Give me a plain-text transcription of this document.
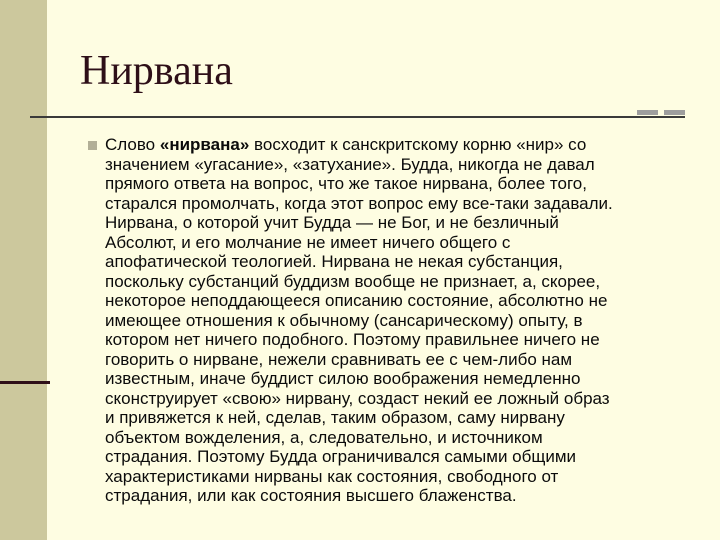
Нирвана
Слово «нирвана» восходит к санскритскому корню «нир» со
значением «угасание», «затухание». Будда, никогда не давал
прямого ответа на вопрос, что же такое нирвана, более того,
старался промолчать, когда этот вопрос ему все-таки задавали.
Нирвана, о которой учит Будда — не Бог, и не безличный
Абсолют, и его молчание не имеет ничего общего с
апофатической теологией. Нирвана не некая субстанция,
поскольку субстанций буддизм вообще не признает, а, скорее,
некоторое неподдающееся описанию состояние, абсолютно не
имеющее отношения к обычному (сансарическому) опыту, в
котором нет ничего подобного. Поэтому правильнее ничего не
говорить о нирване, нежели сравнивать ее с чем-либо нам
известным, иначе буддист силою воображения немедленно
сконструирует «свою» нирвану, создаст некий ее ложный образ
и привяжется к ней, сделав, таким образом, саму нирвану
объектом вожделения, а, следовательно, и источником
страдания. Поэтому Будда ограничивался самыми общими
характеристиками нирваны как состояния, свободного от
страдания, или как состояния высшего блаженства.
